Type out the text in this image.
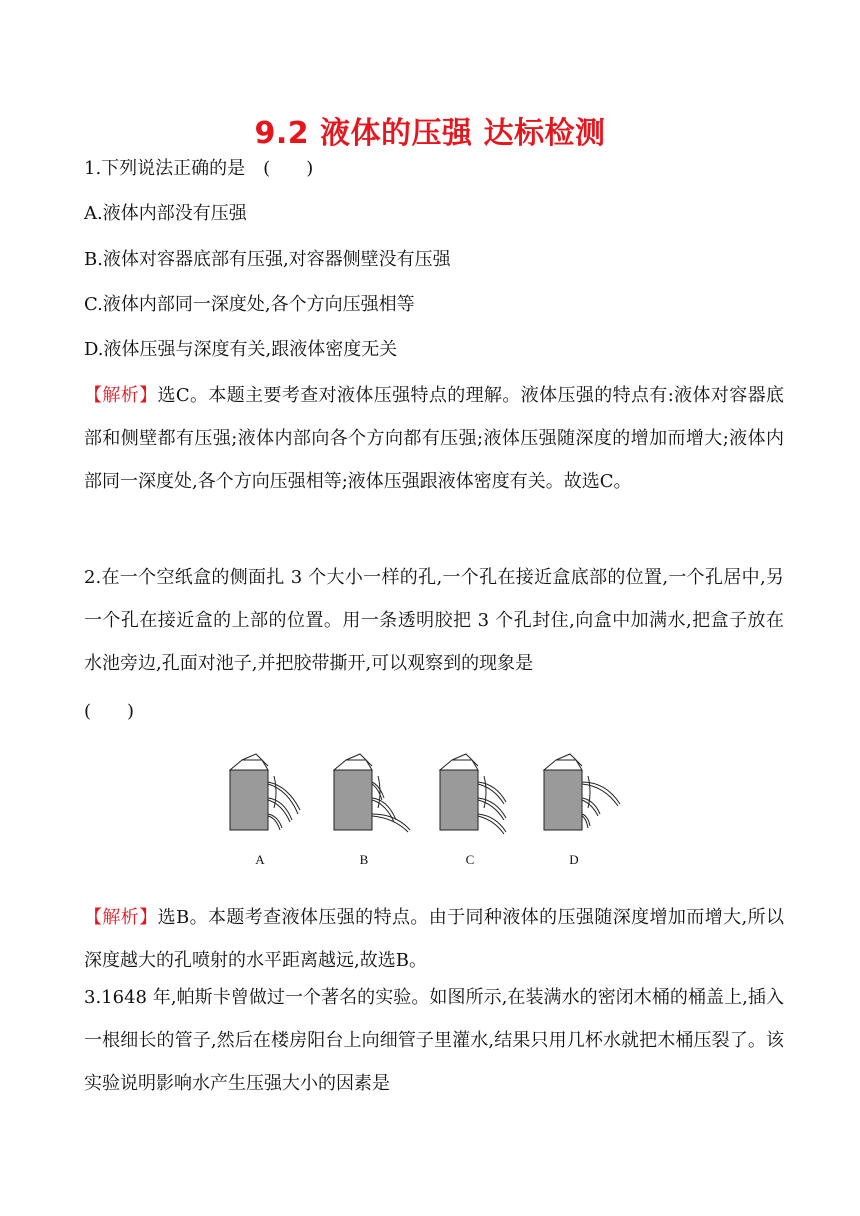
9.2 液体的压强 达标检测
1.下列说法正确的是　(　　)
A.液体内部没有压强
B.液体对容器底部有压强,对容器侧壁没有压强
C.液体内部同一深度处,各个方向压强相等
D.液体压强与深度有关,跟液体密度无关
【解析】选C。本题主要考查对液体压强特点的理解。液体压强的特点有:液体对容器底部和侧壁都有压强;液体内部向各个方向都有压强;液体压强随深度的增加而增大;液体内部同一深度处,各个方向压强相等;液体压强跟液体密度有关。故选C。
2.在一个空纸盒的侧面扎 3 个大小一样的孔,一个孔在接近盒底部的位置,一个孔居中,另一个孔在接近盒的上部的位置。用一条透明胶把 3 个孔封住,向盒中加满水,把盒子放在水池旁边,孔面对池子,并把胶带撕开,可以观察到的现象是
(　　)
A	B	C	D
【解析】选B。本题考查液体压强的特点。由于同种液体的压强随深度增加而增大,所以深度越大的孔喷射的水平距离越远,故选B。
3.1648 年,帕斯卡曾做过一个著名的实验。如图所示,在装满水的密闭木桶的桶盖上,插入一根细长的管子,然后在楼房阳台上向细管子里灌水,结果只用几杯水就把木桶压裂了。该实验说明影响水产生压强大小的因素是
